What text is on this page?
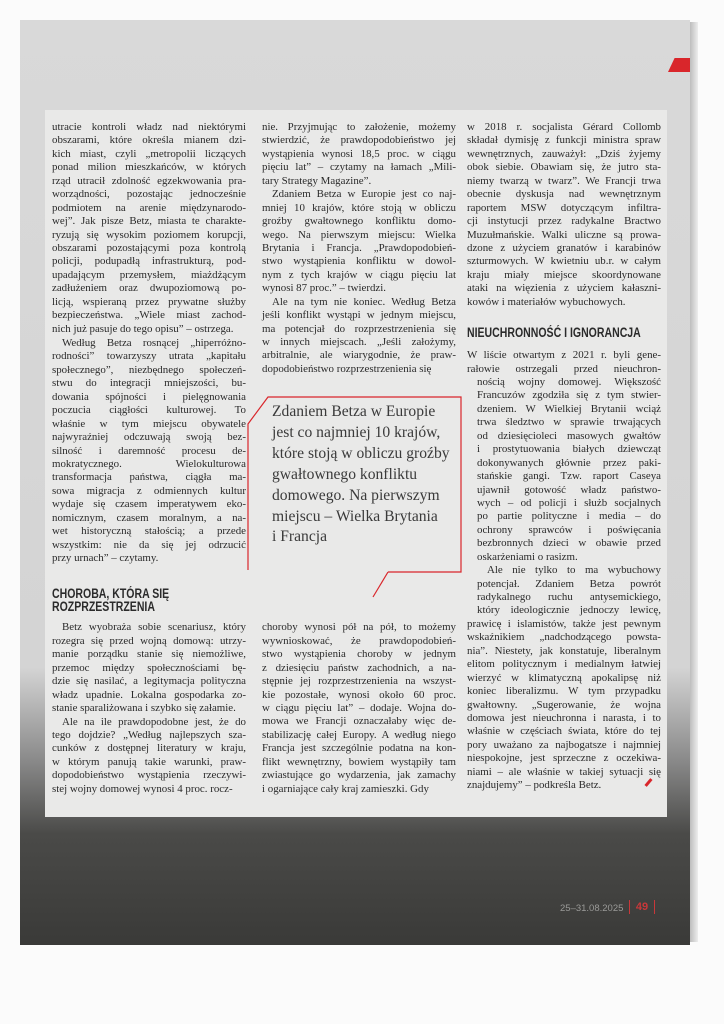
utracie kontroli władz nad niektórymi
obszarami, które określa mianem dzi-
kich miast, czyli „metropolii liczących
ponad milion mieszkańców, w których
rząd utracił zdolność egzekwowania pra-
worządności, pozostając jednocześnie
podmiotem na arenie międzynarodo-
wej”. Jak pisze Betz, miasta te charakte-
ryzują się wysokim poziomem korupcji,
obszarami pozostającymi poza kontrolą
policji, podupadłą infrastrukturą, pod-
upadającym przemysłem, miażdżącym
zadłużeniem oraz dwupoziomową po-
licją, wspieraną przez prywatne służby
bezpieczeństwa. „Wiele miast zachod-
nich już pasuje do tego opisu” – ostrzega.
Według Betza rosnącej „hiperróżno-
rodności” towarzyszy utrata „kapitału
społecznego”, niezbędnego społeczeń-
stwu do integracji mniejszości, bu-
dowania spójności i pielęgnowania
poczucia ciągłości kulturowej. To
właśnie w tym miejscu obywatele
najwyraźniej odczuwają swoją bez-
silność i daremność procesu de-
mokratycznego. Wielokulturowa
transformacja państwa, ciągła ma-
sowa migracja z odmiennych kultur
wydaje się czasem imperatywem eko-
nomicznym, czasem moralnym, a na-
wet historyczną stałością; a przede
wszystkim: nie da się jej odrzucić
przy urnach” – czytamy.
CHOROBA, KTÓRA SIĘ
ROZPRZESTRZENIA
Betz wyobraża sobie scenariusz, który
rozegra się przed wojną domową: utrzy-
manie porządku stanie się niemożliwe,
przemoc między społecznościami bę-
dzie się nasilać, a legitymacja polityczna
władz upadnie. Lokalna gospodarka zo-
stanie sparaliżowana i szybko się załamie.
Ale na ile prawdopodobne jest, że do
tego dojdzie? „Według najlepszych sza-
cunków z dostępnej literatury w kraju,
w którym panują takie warunki, praw-
dopodobieństwo wystąpienia rzeczywi-
stej wojny domowej wynosi 4 proc. rocz-
nie. Przyjmując to założenie, możemy
stwierdzić, że prawdopodobieństwo jej
wystąpienia wynosi 18,5 proc. w ciągu
pięciu lat” – czytamy na łamach „Mili-
tary Strategy Magazine”.
Zdaniem Betza w Europie jest co naj-
mniej 10 krajów, które stoją w obliczu
groźby gwałtownego konfliktu domo-
wego. Na pierwszym miejscu: Wielka
Brytania i Francja. „Prawdopodobień-
stwo wystąpienia konfliktu w dowol-
nym z tych krajów w ciągu pięciu lat
wynosi 87 proc.” – twierdzi.
Ale na tym nie koniec. Według Betza
jeśli konflikt wystąpi w jednym miejscu,
ma potencjał do rozprzestrzenienia się
w innych miejscach. „Jeśli założymy,
arbitralnie, ale wiarygodnie, że praw-
dopodobieństwo rozprzestrzenienia się
choroby wynosi pół na pół, to możemy
wywnioskować, że prawdopodobień-
stwo wystąpienia choroby w jednym
z dziesięciu państw zachodnich, a na-
stępnie jej rozprzestrzenienia na wszyst-
kie pozostałe, wynosi około 60 proc.
w ciągu pięciu lat” – dodaje. Wojna do-
mowa we Francji oznaczałaby więc de-
stabilizację całej Europy. A według niego
Francja jest szczególnie podatna na kon-
flikt wewnętrzny, bowiem wystąpiły tam
zwiastujące go wydarzenia, jak zamachy
i ogarniające cały kraj zamieszki. Gdy
w 2018 r. socjalista Gérard Collomb
składał dymisję z funkcji ministra spraw
wewnętrznych, zauważył: „Dziś żyjemy
obok siebie. Obawiam się, że jutro sta-
niemy twarzą w twarz”. We Francji trwa
obecnie dyskusja nad wewnętrznym
raportem MSW dotyczącym infiltra-
cji instytucji przez radykalne Bractwo
Muzułmańskie. Walki uliczne są prowa-
dzone z użyciem granatów i karabinów
szturmowych. W kwietniu ub.r. w całym
kraju miały miejsce skoordynowane
ataki na więzienia z użyciem kałaszni-
kowów i materiałów wybuchowych.
NIEUCHRONNOŚĆ I IGNORANCJA
W liście otwartym z 2021 r. byli gene-
rałowie ostrzegali przed nieuchron-
nością wojny domowej. Większość
Francuzów zgodziła się z tym stwier-
dzeniem. W Wielkiej Brytanii wciąż
trwa śledztwo w sprawie trwających
od dziesięcioleci masowych gwałtów
i prostytuowania białych dziewcząt
dokonywanych głównie przez paki-
stańskie gangi. Tzw. raport Caseya
ujawnił gotowość władz państwo-
wych – od policji i służb socjalnych
po partie polityczne i media – do
ochrony sprawców i poświęcania
bezbronnych dzieci w obawie przed
oskarżeniami o rasizm.
Ale nie tylko to ma wybuchowy
potencjał. Zdaniem Betza powrót
radykalnego ruchu antysemickiego,
który ideologicznie jednoczy lewicę,
prawicę i islamistów, także jest pewnym
wskaźnikiem „nadchodzącego powsta-
nia”. Niestety, jak konstatuje, liberalnym
elitom politycznym i medialnym łatwiej
wierzyć w klimatyczną apokalipsę niż
koniec liberalizmu. W tym przypadku
gwałtowny. „Sugerowanie, że wojna
domowa jest nieuchronna i narasta, i to
właśnie w częściach świata, które do tej
pory uważano za najbogatsze i najmniej
niespokojne, jest sprzeczne z oczekiwa-
niami – ale właśnie w takiej sytuacji się
znajdujemy” – podkreśla Betz.
Zdaniem Betza w Europie
jest co najmniej 10 krajów,
które stoją w obliczu groźby
gwałtownego konfliktu
domowego. Na pierwszym
miejscu – Wielka Brytania
i Francja
25–31.08.2025	49
